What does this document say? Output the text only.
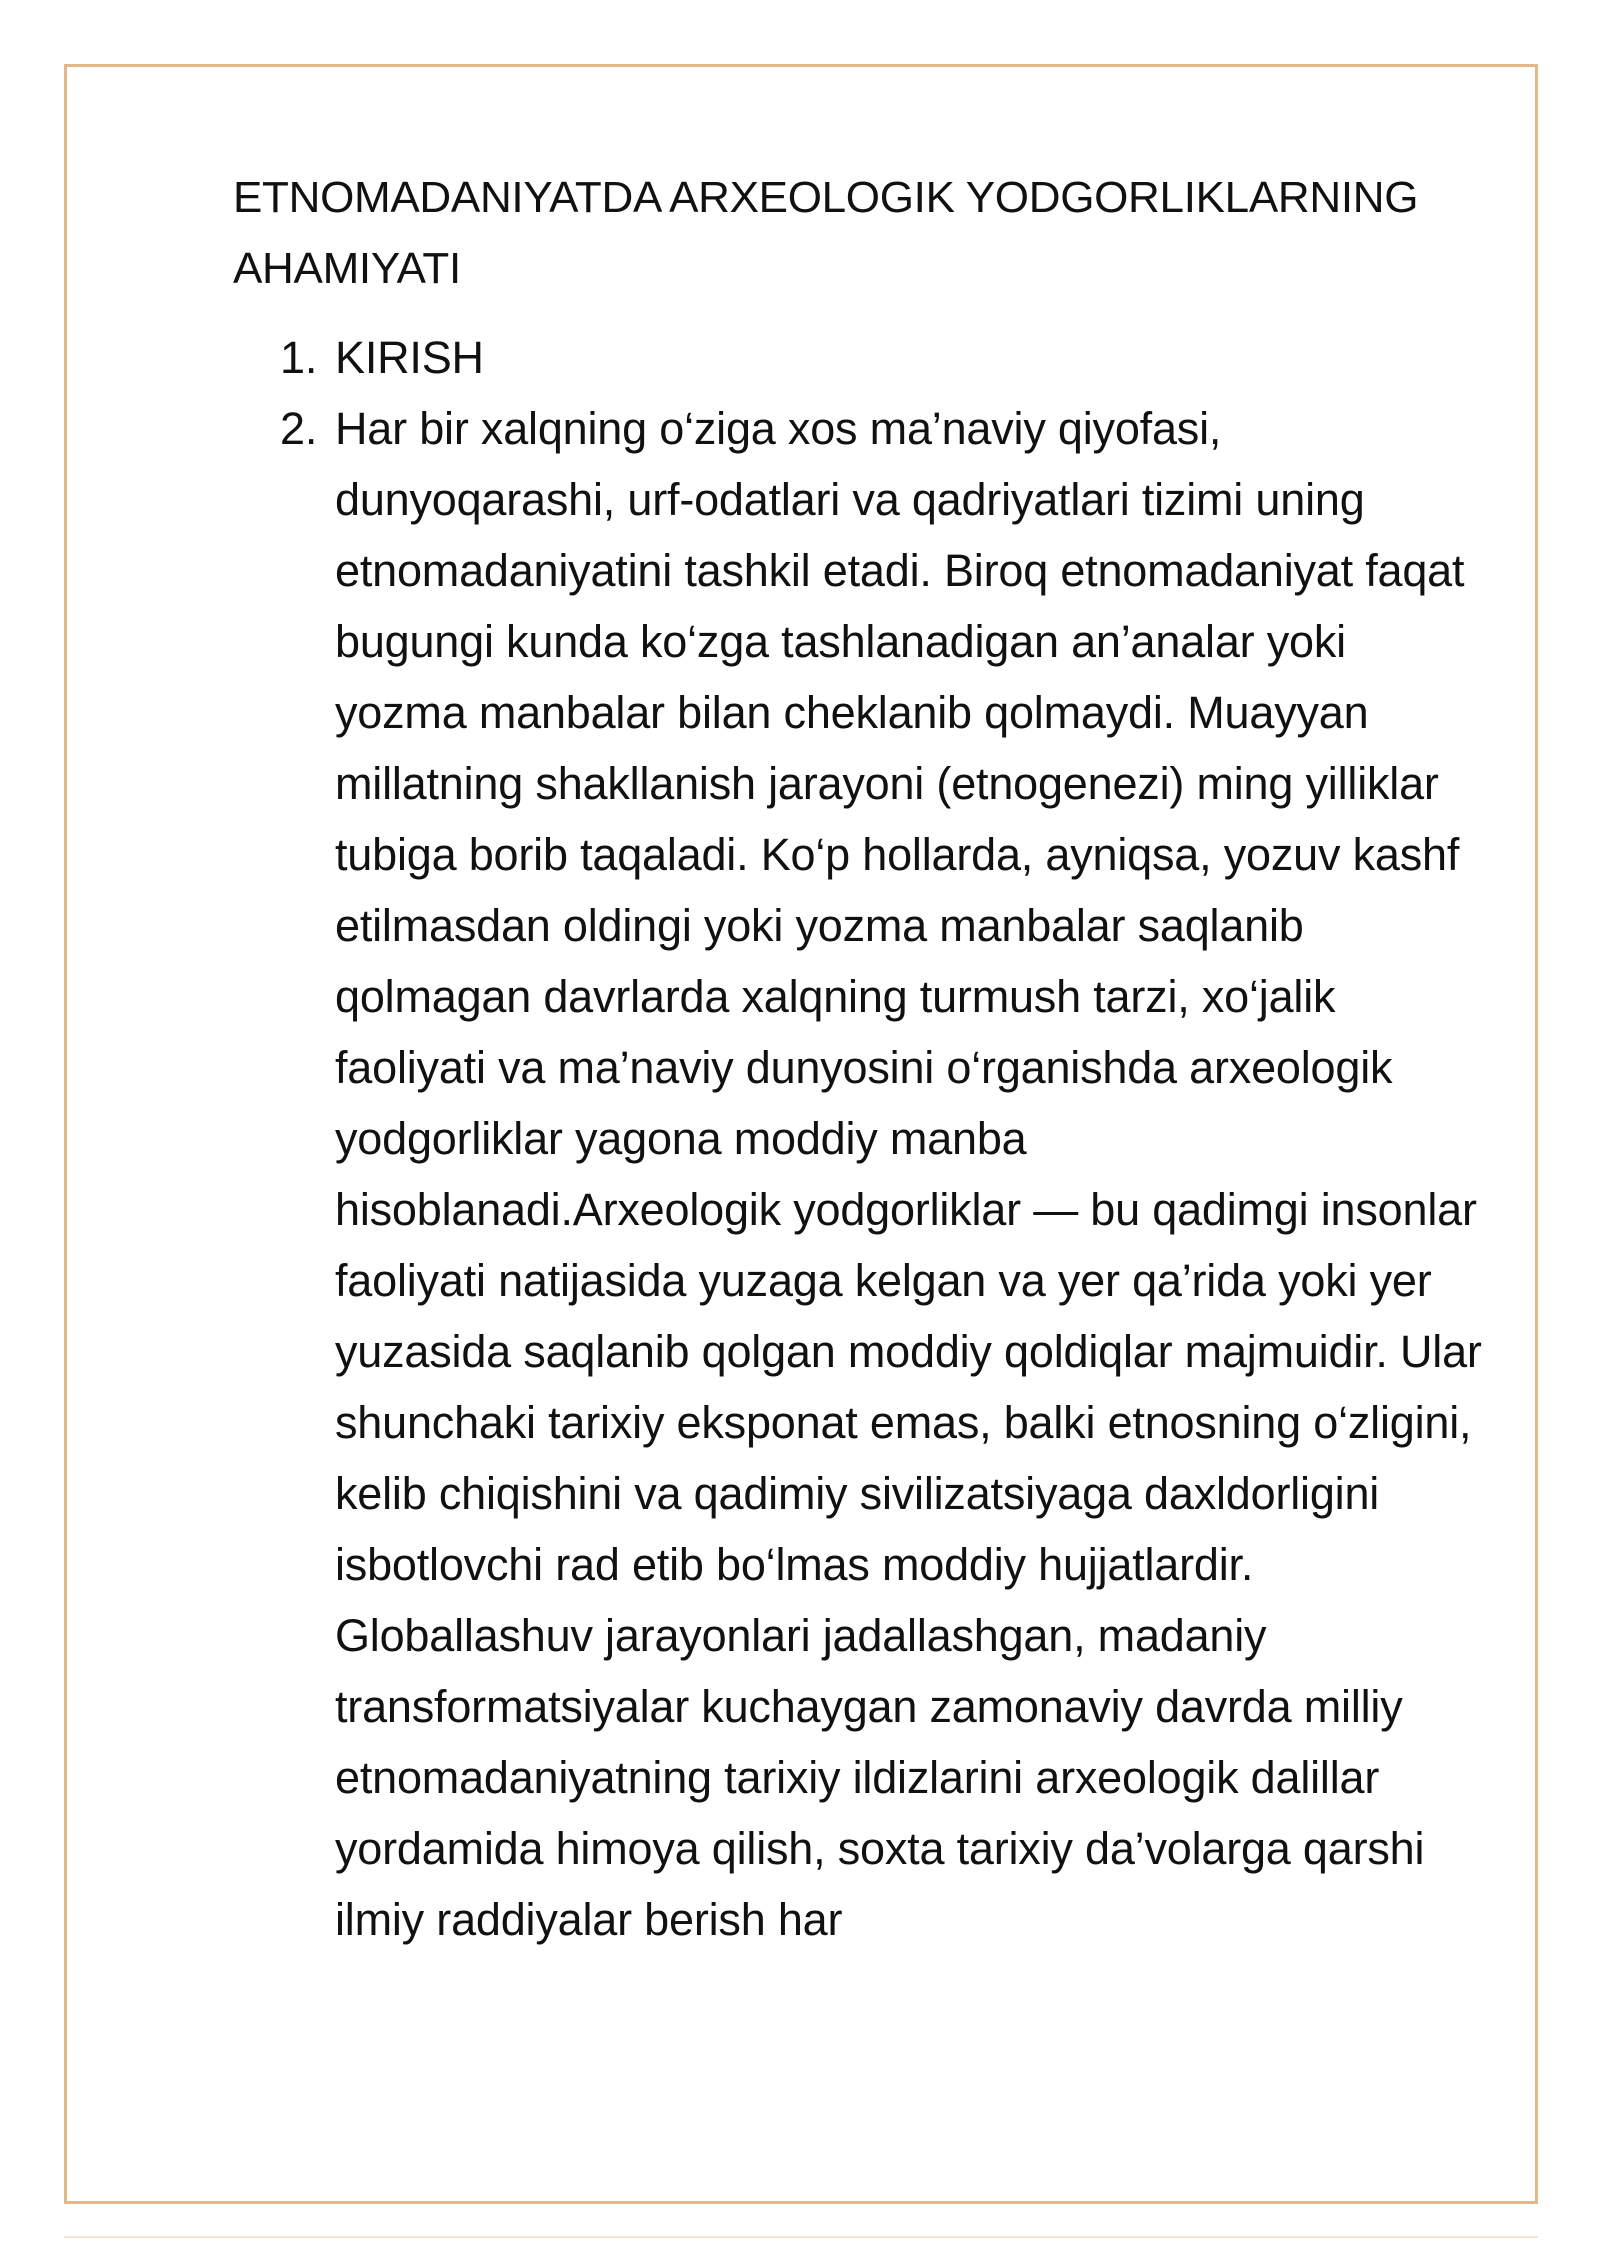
ETNOMADANIYATDA ARXEOLOGIK YODGORLIKLARNING AHAMIYATI
1. KIRISH
2. Har bir xalqning o‘ziga xos ma’naviy qiyofasi, dunyoqarashi, urf-odatlari va qadriyatlari tizimi uning etnomadaniyatini tashkil etadi. Biroq etnomadaniyat faqat bugungi kunda ko‘zga tashlanadigan an’analar yoki yozma manbalar bilan cheklanib qolmaydi. Muayyan millatning shakllanish jarayoni (etnogenezi) ming yilliklar tubiga borib taqaladi. Ko‘p hollarda, ayniqsa, yozuv kashf etilmasdan oldingi yoki yozma manbalar saqlanib qolmagan davrlarda xalqning turmush tarzi, xo‘jalik faoliyati va ma’naviy dunyosini o‘rganishda arxeologik yodgorliklar yagona moddiy manba hisoblanadi.Arxeologik yodgorliklar — bu qadimgi insonlar faoliyati natijasida yuzaga kelgan va yer qa’rida yoki yer yuzasida saqlanib qolgan moddiy qoldiqlar majmuidir. Ular shunchaki tarixiy eksponat emas, balki etnosning o‘zligini, kelib chiqishini va qadimiy sivilizatsiyaga daxldorligini isbotlovchi rad etib bo‘lmas moddiy hujjatlardir. Globallashuv jarayonlari jadallashgan, madaniy transformatsiyalar kuchaygan zamonaviy davrda milliy etnomadaniyatning tarixiy ildizlarini arxeologik dalillar yordamida himoya qilish, soxta tarixiy da’volarga qarshi ilmiy raddiyalar berish har
